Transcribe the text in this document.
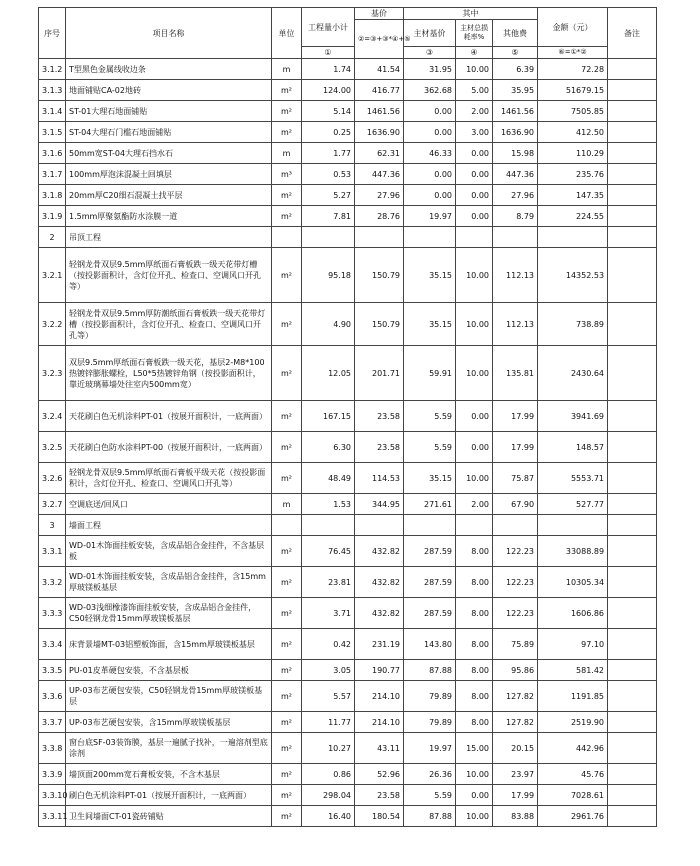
序号	项目名称	单位	工程量小计	基价	其中			金额（元）	备注
				②=③+③*④+⑤	主材基价	主材总损耗率%	其他费		
			①		③	④	⑤	⑥=①*②	
3.1.2	T型黑色金属线收边条	m	1.74	41.54	31.95	10.00	6.39	72.28	
3.1.3	地面铺贴CA-02地砖	m²	124.00	416.77	362.68	5.00	35.95	51679.15	
3.1.4	ST-01大理石地面铺贴	m²	5.14	1461.56	0.00	2.00	1461.56	7505.85	
3.1.5	ST-04大理石门槛石地面铺贴	m²	0.25	1636.90	0.00	3.00	1636.90	412.50	
3.1.6	50mm宽ST-04大理石挡水石	m	1.77	62.31	46.33	0.00	15.98	110.29	
3.1.7	100mm厚泡沫混凝土回填层	m³	0.53	447.36	0.00	0.00	447.36	235.76	
3.1.8	20mm厚C20细石混凝土找平层	m²	5.27	27.96	0.00	0.00	27.96	147.35	
3.1.9	1.5mm厚聚氨酯防水涂膜一道	m²	7.81	28.76	19.97	0.00	8.79	224.55	
2	吊顶工程								
3.2.1	轻钢龙骨双层9.5mm厚纸面石膏板跌一级天花带灯槽（按投影面积计，含灯位开孔、检查口、空调风口开孔等）	m²	95.18	150.79	35.15	10.00	112.13	14352.53	
3.2.2	轻钢龙骨双层9.5mm厚防潮纸面石膏板跌一级天花带灯槽（按投影面积计，含灯位开孔、检查口、空调风口开孔等）	m²	4.90	150.79	35.15	10.00	112.13	738.89	
3.2.3	双层9.5mm厚纸面石膏板跌一级天花，基层2-M8*100热镀锌膨胀螺栓，L50*5热镀锌角钢（按投影面积计，靠近玻璃幕墙处往室内500mm宽）	m²	12.05	201.71	59.91	10.00	135.81	2430.64	
3.2.4	天花刷白色无机涂料PT-01（按展开面积计，一底两面）	m²	167.15	23.58	5.59	0.00	17.99	3941.69	
3.2.5	天花刷白色防水涂料PT-00（按展开面积计，一底两面）	m²	6.30	23.58	5.59	0.00	17.99	148.57	
3.2.6	轻钢龙骨双层9.5mm厚纸面石膏板平级天花（按投影面积计，含灯位开孔、检查口、空调风口开孔等）	m²	48.49	114.53	35.15	10.00	75.87	5553.71	
3.2.7	空调底送/回风口	m	1.53	344.95	271.61	2.00	67.90	527.77	
3	墙面工程								
3.3.1	WD-01木饰面挂板安装，含成品铝合金挂件，不含基层板	m²	76.45	432.82	287.59	8.00	122.23	33088.89	
3.3.2	WD-01木饰面挂板安装，含成品铝合金挂件，含15mm厚玻镁板基层	m²	23.81	432.82	287.59	8.00	122.23	10305.34	
3.3.3	WD-03浅细橡漆饰面挂板安装，含成品铝合金挂件，C50轻钢龙骨15mm厚玻镁板基层	m²	3.71	432.82	287.59	8.00	122.23	1606.86	
3.3.4	床背景墙MT-03铝塑板饰面，含15mm厚玻镁板基层	m²	0.42	231.19	143.80	8.00	75.89	97.10	
3.3.5	PU-01皮革硬包安装，不含基层板	m²	3.05	190.77	87.88	8.00	95.86	581.42	
3.3.6	UP-03布艺硬包安装，C50轻钢龙骨15mm厚玻镁板基层	m²	5.57	214.10	79.89	8.00	127.82	1191.85	
3.3.7	UP-03布艺硬包安装，含15mm厚玻镁板基层	m²	11.77	214.10	79.89	8.00	127.82	2519.90	
3.3.8	窗台底SF-03装饰膜，基层一遍腻子找补，一遍溶剂型底涂剂	m²	10.27	43.11	19.97	15.00	20.15	442.96	
3.3.9	墙顶面200mm宽石膏板安装，不含木基层	m²	0.86	52.96	26.36	10.00	23.97	45.76	
3.3.10	刷白色无机涂料PT-01（按展开面积计，一底两面）	m²	298.04	23.58	5.59	0.00	17.99	7028.61	
3.3.11	卫生间墙面CT-01瓷砖铺贴	m²	16.40	180.54	87.88	10.00	83.88	2961.76	
